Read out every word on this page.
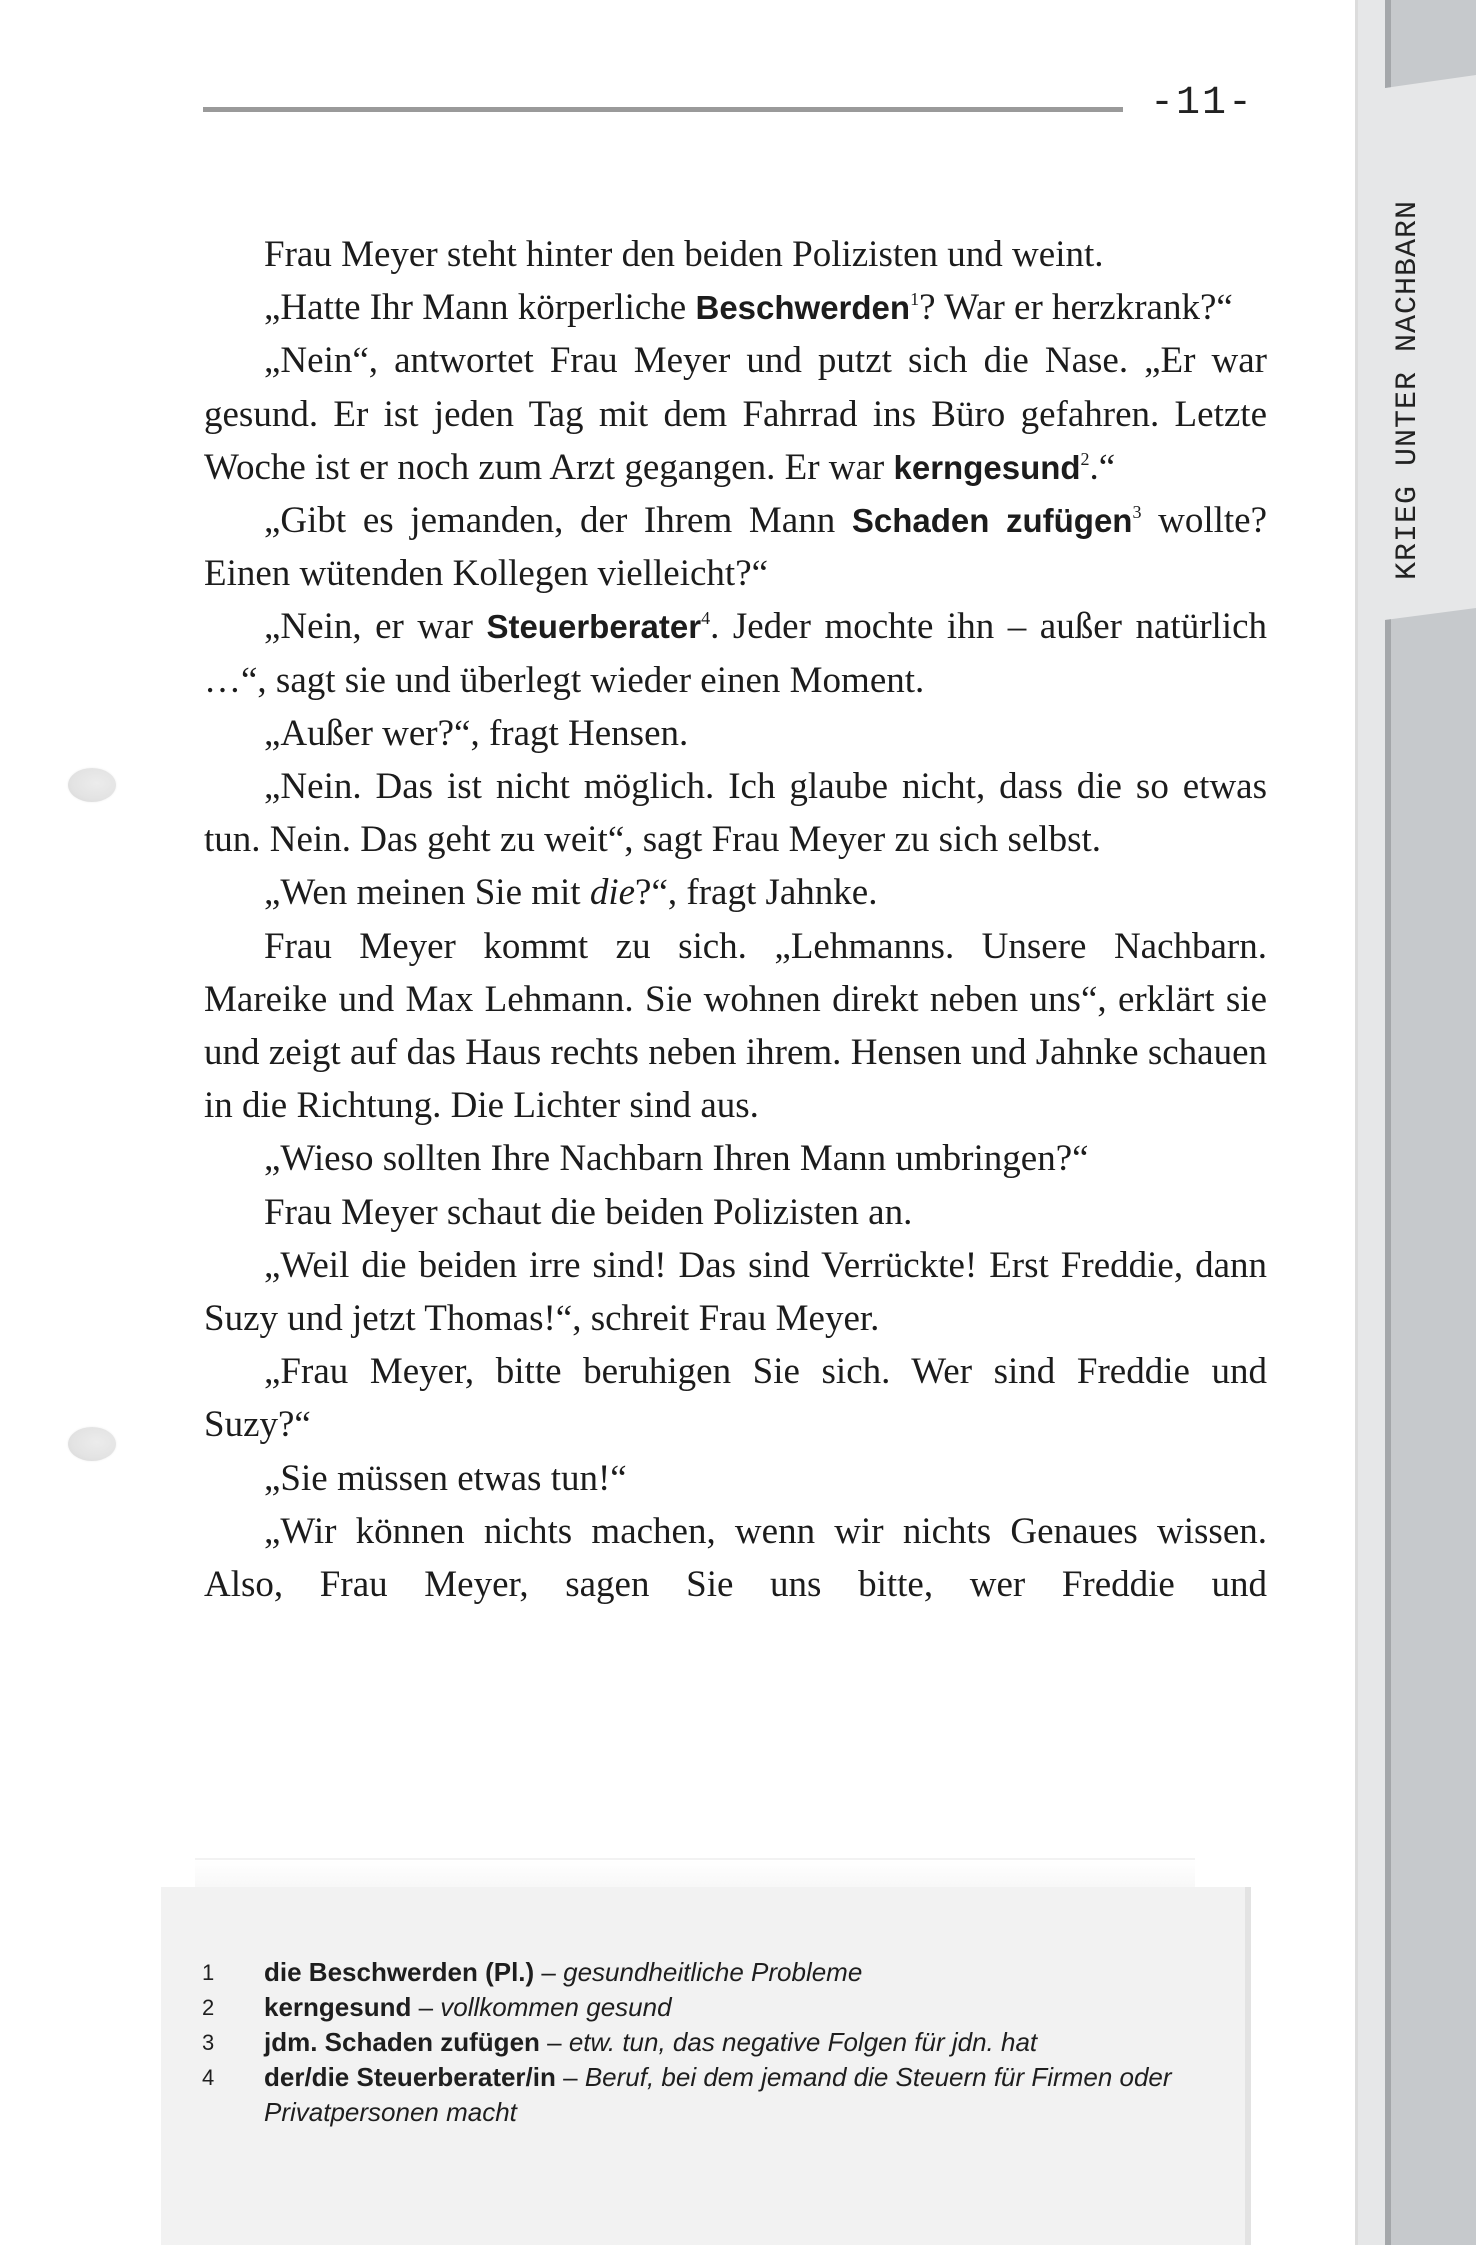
-11-
KRIEG UNTER NACHBARN

Frau Meyer steht hinter den beiden Polizisten und weint.

„Hatte Ihr Mann körperliche Beschwerden$^1$? War er herzkrank?“

„Nein“, antwortet Frau Meyer und putzt sich die Nase. „Er war gesund. Er ist jeden Tag mit dem Fahrrad ins Büro gefahren. Letzte Woche ist er noch zum Arzt gegangen. Er war kerngesund$^2$.“

„Gibt es jemanden, der Ihrem Mann Schaden zufügen$^3$ wollte? Einen wütenden Kollegen vielleicht?“

„Nein, er war Steuerberater$^4$. Jeder mochte ihn – außer natürlich …“, sagt sie und überlegt wieder einen Moment.

„Außer wer?“, fragt Hensen.

„Nein. Das ist nicht möglich. Ich glaube nicht, dass die so etwas tun. Nein. Das geht zu weit“, sagt Frau Meyer zu sich selbst.

„Wen meinen Sie mit die?“, fragt Jahnke.

Frau Meyer kommt zu sich. „Lehmanns. Unsere Nachbarn. Mareike und Max Lehmann. Sie wohnen direkt neben uns“, erklärt sie und zeigt auf das Haus rechts neben ihrem. Hensen und Jahnke schauen in die Richtung. Die Lichter sind aus.

„Wieso sollten Ihre Nachbarn Ihren Mann umbringen?“

Frau Meyer schaut die beiden Polizisten an.

„Weil die beiden irre sind! Das sind Verrückte! Erst Freddie, dann Suzy und jetzt Thomas!“, schreit Frau Meyer.

„Frau Meyer, bitte beruhigen Sie sich. Wer sind Freddie und Suzy?“

„Sie müssen etwas tun!“

„Wir können nichts machen, wenn wir nichts Genaues wissen. Also, Frau Meyer, sagen Sie uns bitte, wer Freddie und

1	die Beschwerden (Pl.) – gesundheitliche Probleme
2	kerngesund – vollkommen gesund
3	jdm. Schaden zufügen – etw. tun, das negative Folgen für jdn. hat
4	der/die Steuerberater/in – Beruf, bei dem jemand die Steuern für Firmen oder Privatpersonen macht
